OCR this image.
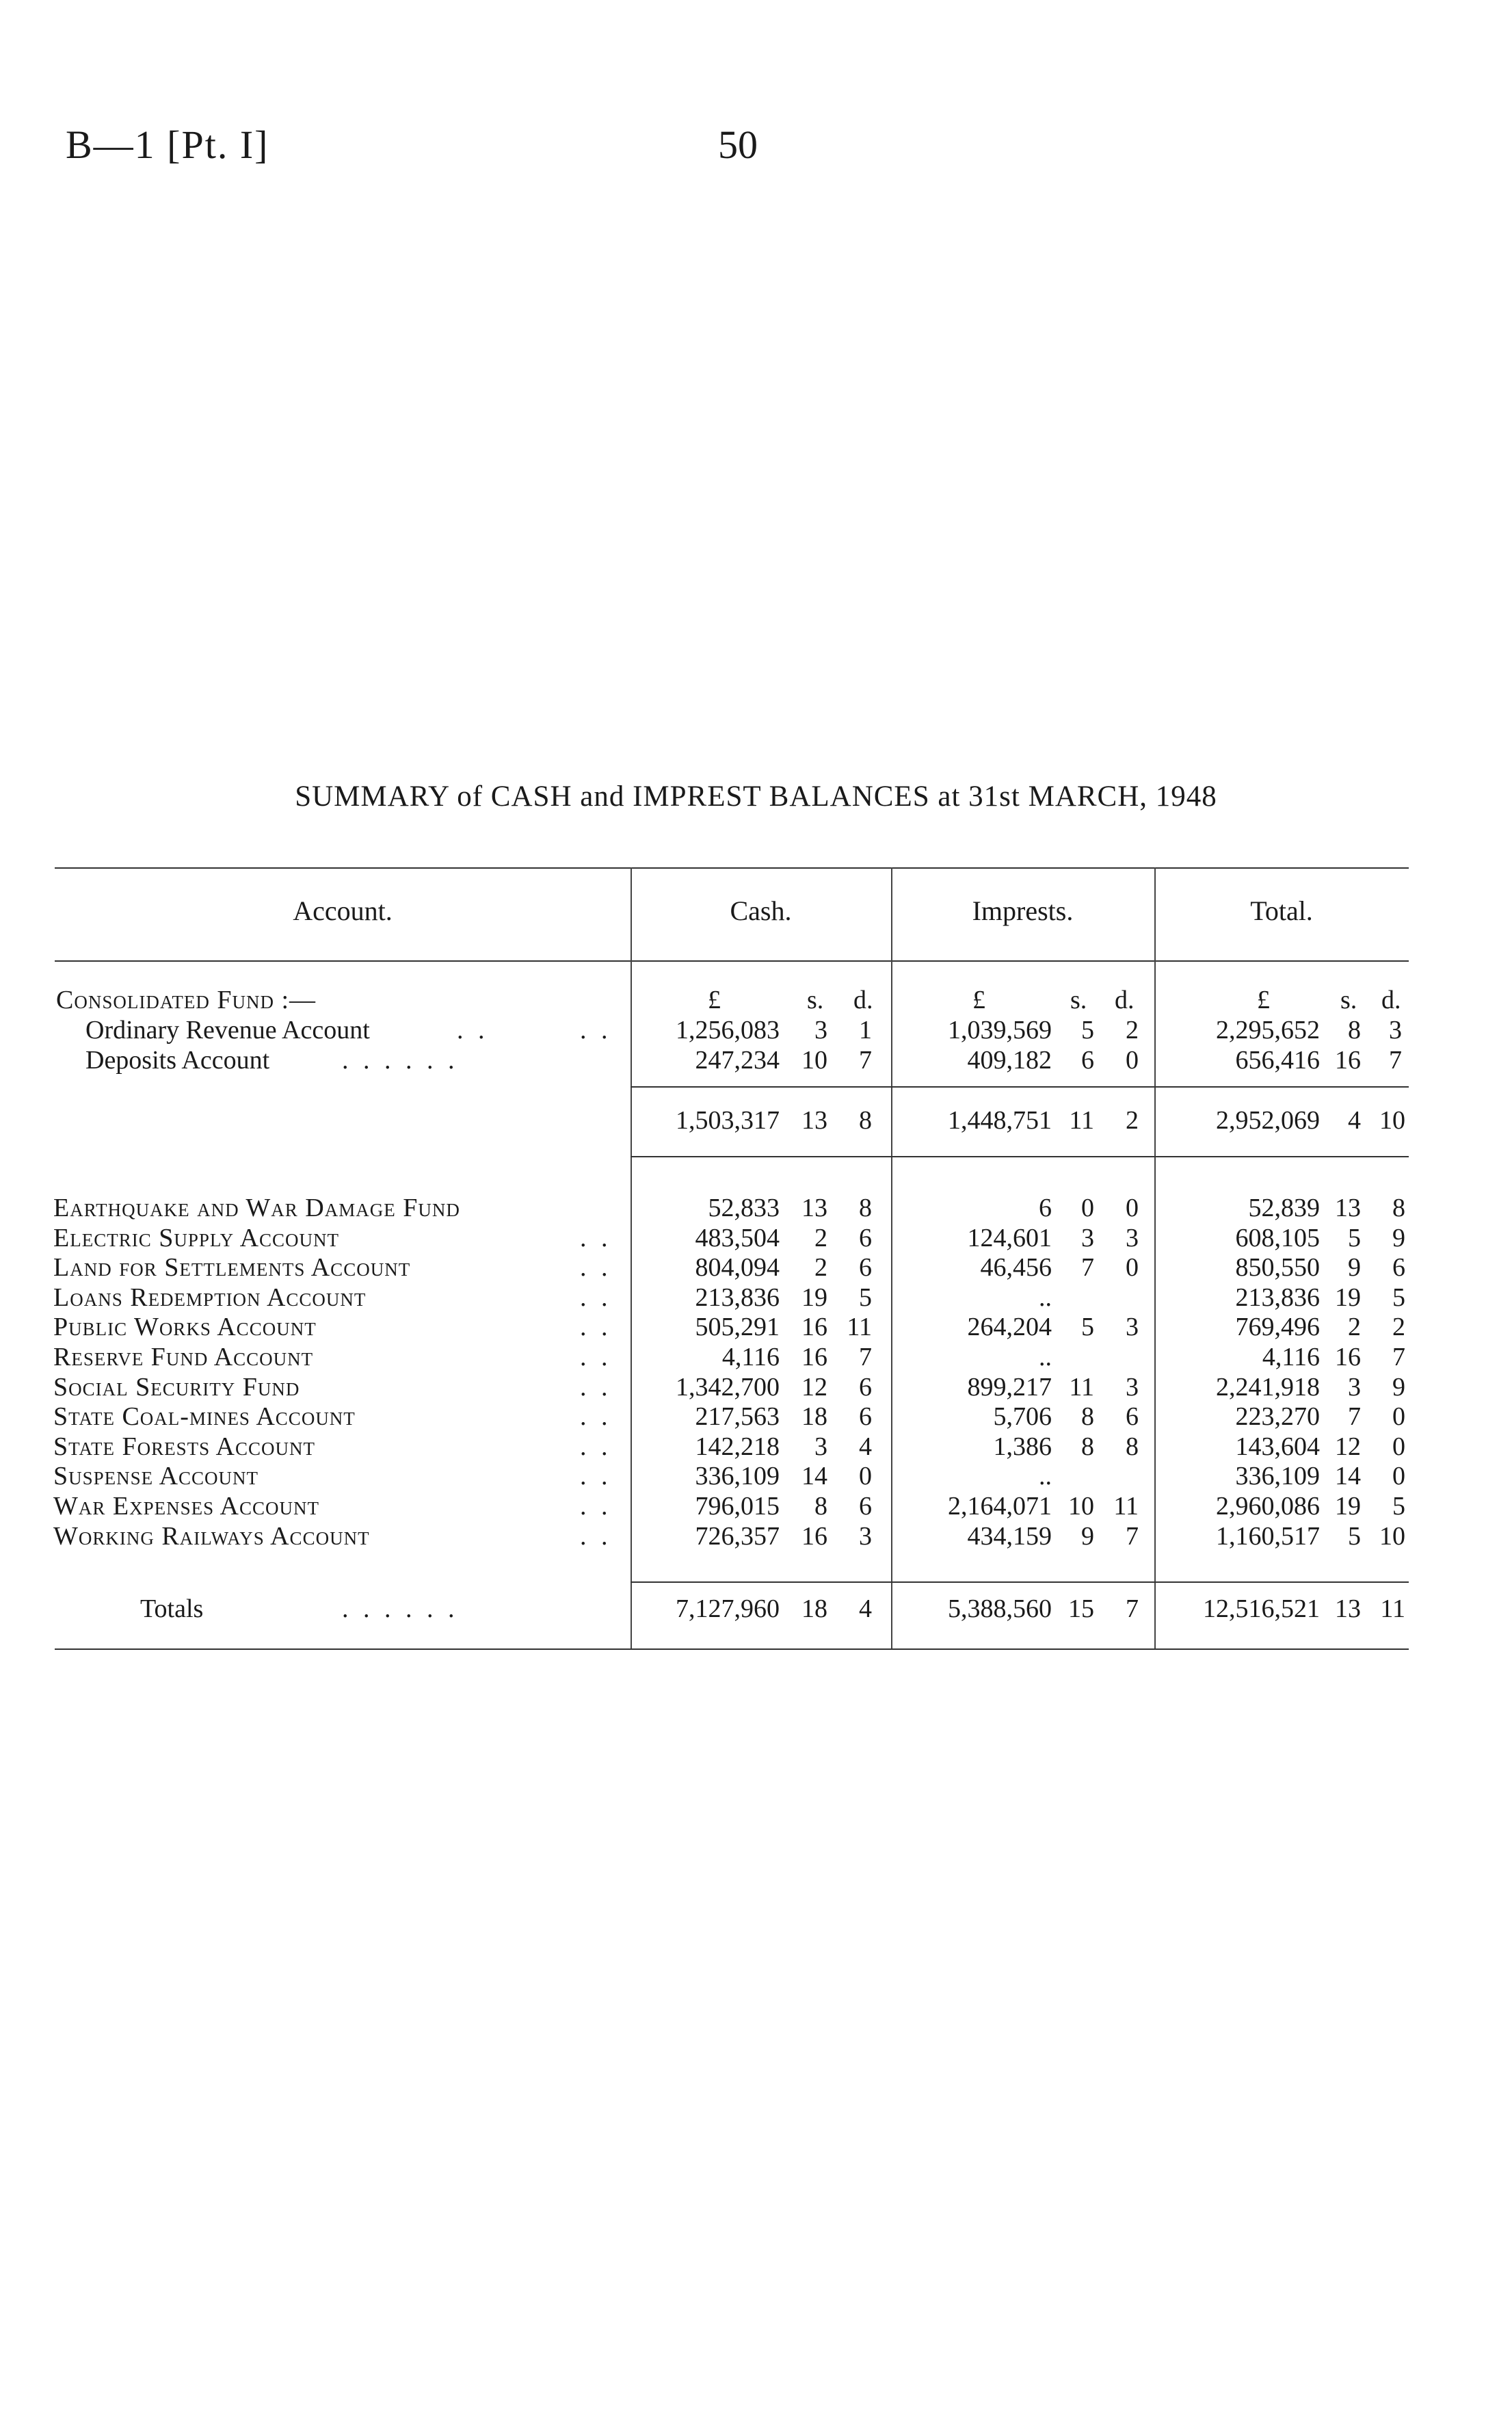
B—1 [Pt. I]	50
SUMMARY of CASH and IMPREST BALANCES at 31st MARCH, 1948
Account.	Cash.	Imprests.	Total.
£	s. d.	£	s. d.	£	s. d.
Consolidated Fund :—
Ordinary Revenue Account	. .	. .	1,256,083	3	1	1,039,569	5	2	2,295,652	8	3
Deposits Account	. . . . . .	247,234 10	7	409,182	6	0	656,416 16	7
1,503,317 13	8	1,448,751 11	2	2,952,069	4 10
Earthquake and War Damage Fund	52,833 13	8	6	0	0	52,839 13	8
Electric Supply Account	. .	483,504	2	6	124,601	3	3	608,105	5	9
Land for Settlements Account	. .	804,094	2	6	46,456	7	0	850,550	9	6
Loans Redemption Account	. .	213,836 19	5	..	213,836 19	5
Public Works Account	. .	505,291 16 11	264,204	5	3	769,496	2	2
Reserve Fund Account	. .	4,116 16	7	..	4,116 16	7
Social Security Fund	. .	1,342,700 12	6	899,217 11	3	2,241,918	3	9
State Coal-mines Account	. .	217,563 18	6	5,706	8	6	223,270	7	0
State Forests Account	. .	142,218	3	4	1,386	8	8	143,604 12	0
Suspense Account	. .	336,109 14	0	..	336,109 14	0
War Expenses Account	. .	796,015	8	6	2,164,071 10 11	2,960,086 19	5
Working Railways Account	. .	726,357 16	3	434,159	9	7	1,160,517	5 10
Totals	. . . . . .	7,127,960 18	4	5,388,560 15	7	12,516,521 13 11
